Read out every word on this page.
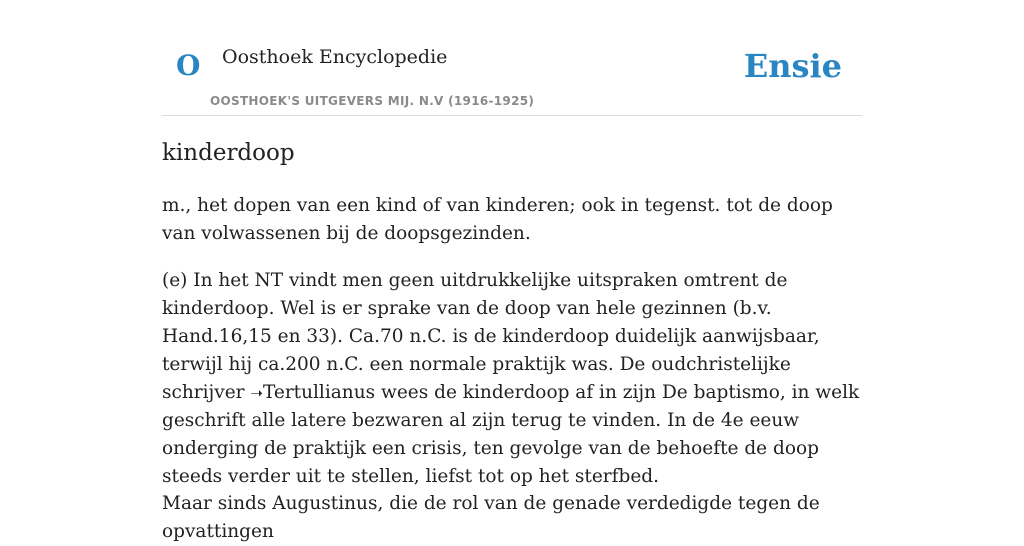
O Oosthoek Encyclopedie
OOSTHOEK'S UITGEVERS MIJ. N.V (1916-1925)
Ensie
kinderdoop

m., het dopen van een kind of van kinderen; ook in tegenst. tot de doop van volwassenen bij de doopsgezinden.

(e) In het NT vindt men geen uitdrukkelijke uitspraken omtrent de kinderdoop. Wel is er sprake van de doop van hele gezinnen (b.v. Hand.16,15 en 33). Ca.70 n.C. is de kinderdoop duidelijk aanwijsbaar, terwijl hij ca.200 n.C. een normale praktijk was. De oudchristelijke schrijver ➝Tertullianus wees de kinderdoop af in zijn De baptismo, in welk geschrift alle latere bezwaren al zijn terug te vinden. In de 4e eeuw onderging de praktijk een crisis, ten gevolge van de behoefte de doop steeds verder uit te stellen, liefst tot op het sterfbed.

Maar sinds Augustinus, die de rol van de genade verdedigde tegen de opvattingen
